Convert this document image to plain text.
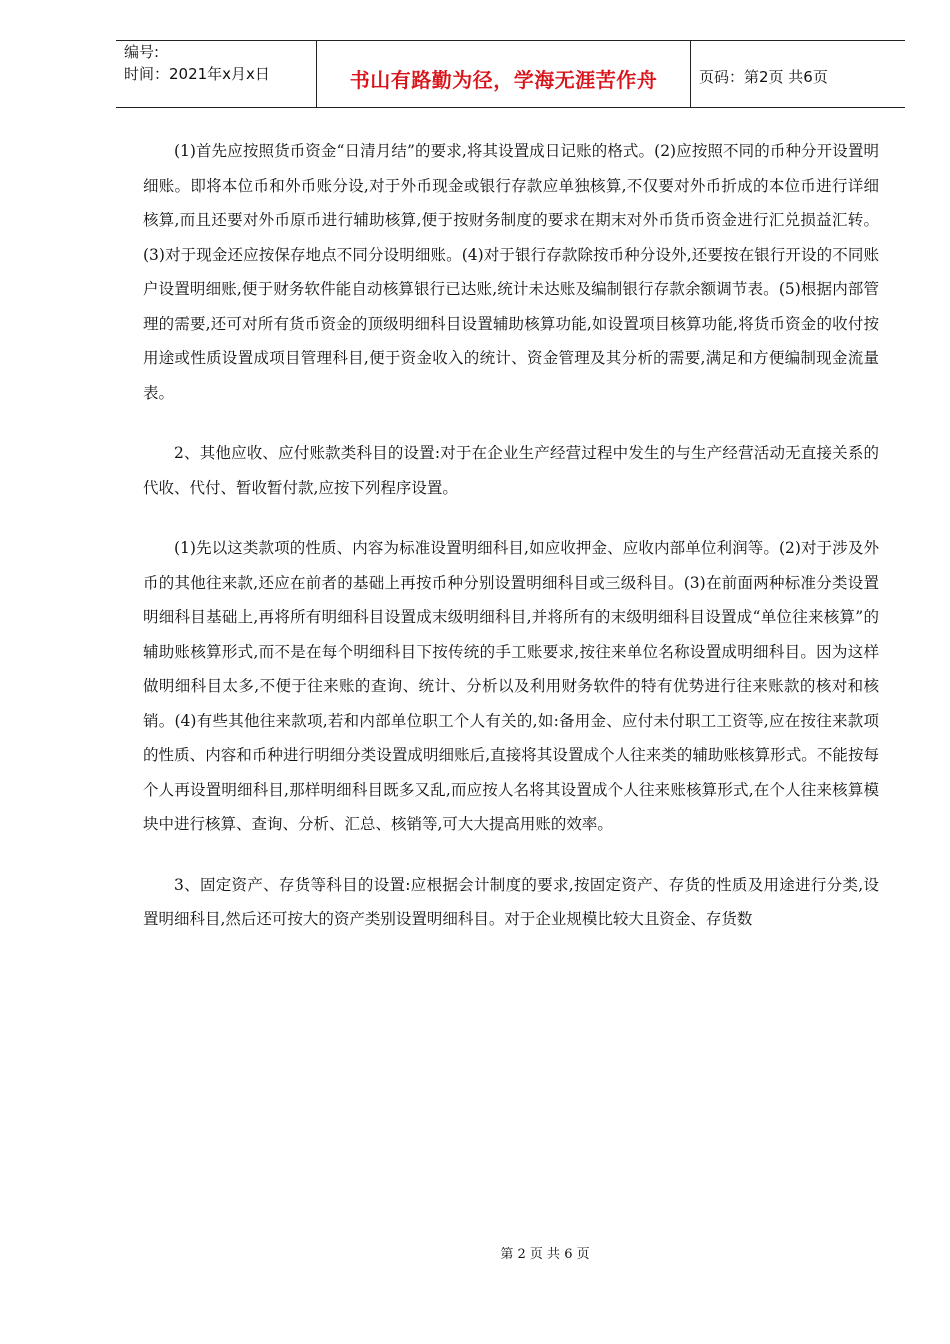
编号:
时间：2021年x月x日	书山有路勤为径，学海无涯苦作舟	页码：第2页 共6页

(1)首先应按照货币资金“日清月结”的要求,将其设置成日记账的格式。(2)应按照不同的币种分开设置明细账。即将本位币和外币账分设,对于外币现金或银行存款应单独核算,不仅要对外币折成的本位币进行详细核算,而且还要对外币原币进行辅助核算,便于按财务制度的要求在期末对外币货币资金进行汇兑损益汇转。(3)对于现金还应按保存地点不同分设明细账。(4)对于银行存款除按币种分设外,还要按在银行开设的不同账户设置明细账,便于财务软件能自动核算银行已达账,统计未达账及编制银行存款余额调节表。(5)根据内部管理的需要,还可对所有货币资金的顶级明细科目设置辅助核算功能,如设置项目核算功能,将货币资金的收付按用途或性质设置成项目管理科目,便于资金收入的统计、资金管理及其分析的需要,满足和方便编制现金流量表。

2、其他应收、应付账款类科目的设置:对于在企业生产经营过程中发生的与生产经营活动无直接关系的代收、代付、暂收暂付款,应按下列程序设置。

(1)先以这类款项的性质、内容为标准设置明细科目,如应收押金、应收内部单位利润等。(2)对于涉及外币的其他往来款,还应在前者的基础上再按币种分别设置明细科目或三级科目。(3)在前面两种标准分类设置明细科目基础上,再将所有明细科目设置成末级明细科目,并将所有的末级明细科目设置成“单位往来核算”的辅助账核算形式,而不是在每个明细科目下按传统的手工账要求,按往来单位名称设置成明细科目。因为这样做明细科目太多,不便于往来账的查询、统计、分析以及利用财务软件的特有优势进行往来账款的核对和核销。(4)有些其他往来款项,若和内部单位职工个人有关的,如:备用金、应付未付职工工资等,应在按往来款项的性质、内容和币种进行明细分类设置成明细账后,直接将其设置成个人往来类的辅助账核算形式。不能按每个人再设置明细科目,那样明细科目既多又乱,而应按人名将其设置成个人往来账核算形式,在个人往来核算模块中进行核算、查询、分析、汇总、核销等,可大大提高用账的效率。

3、固定资产、存货等科目的设置:应根据会计制度的要求,按固定资产、存货的性质及用途进行分类,设置明细科目,然后还可按大的资产类别设置明细科目。对于企业规模比较大且资金、存货数

第 2 页 共 6 页
